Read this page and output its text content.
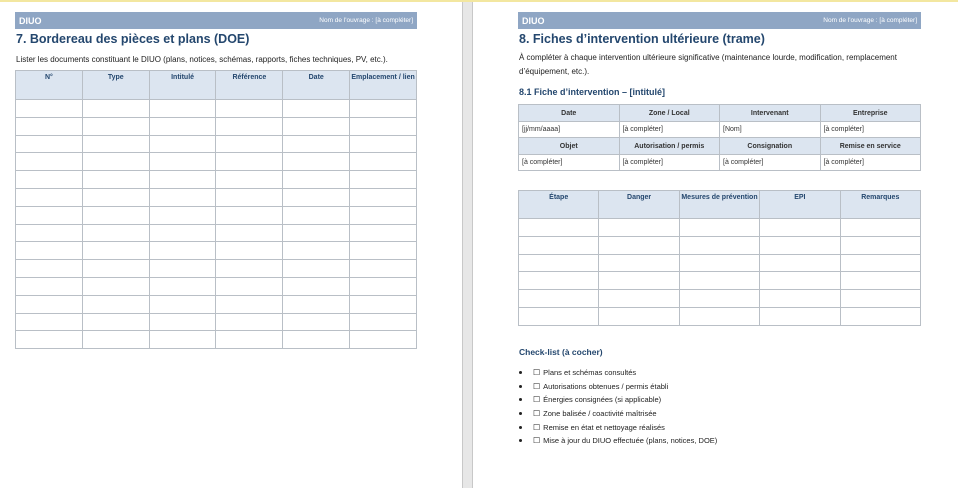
DIUO	Nom de l'ouvrage : [à compléter]
7. Bordereau des pièces et plans (DOE)
Lister les documents constituant le DIUO (plans, notices, schémas, rapports, fiches techniques, PV, etc.).
N°	Type	Intitulé	Référence	Date	Emplacement / lien

DIUO	Nom de l'ouvrage : [à compléter]
8. Fiches d’intervention ultérieure (trame)
À compléter à chaque intervention ultérieure significative (maintenance lourde, modification, remplacement d’équipement, etc.).
8.1 Fiche d’intervention – [intitulé]
Date	Zone / Local	Intervenant	Entreprise
[jj/mm/aaaa]	[à compléter]	[Nom]	[à compléter]
Objet	Autorisation / permis	Consignation	Remise en service
[à compléter]	[à compléter]	[à compléter]	[à compléter]
Étape	Danger	Mesures de prévention	EPI	Remarques

Check-list (à cocher)
☐ Plans et schémas consultés
☐ Autorisations obtenues / permis établi
☐ Énergies consignées (si applicable)
☐ Zone balisée / coactivité maîtrisée
☐ Remise en état et nettoyage réalisés
☐ Mise à jour du DIUO effectuée (plans, notices, DOE)
